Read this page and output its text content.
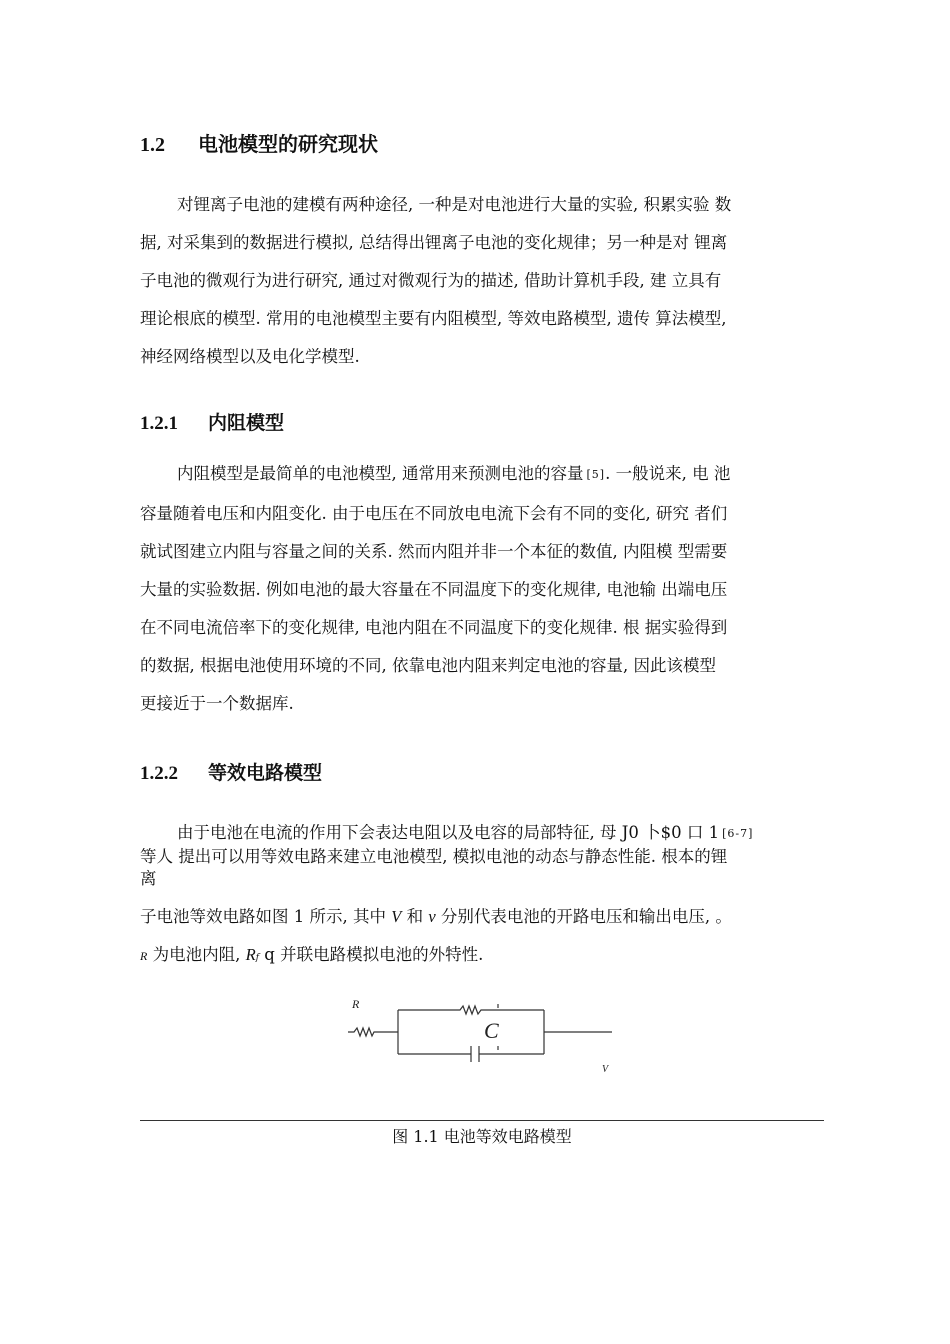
1.2 电池模型的研究现状
对锂离子电池的建模有两种途径, 一种是对电池进行大量的实验, 积累实验 数
据, 对采集到的数据进行模拟, 总结得出锂离子电池的变化规律；另一种是对 锂离
子电池的微观行为进行研究, 通过对微观行为的描述, 借助计算机手段, 建 立具有
理论根底的模型. 常用的电池模型主要有内阻模型, 等效电路模型, 遗传 算法模型,
神经网络模型以及电化学模型.
1.2.1 内阻模型
内阻模型是最简单的电池模型, 通常用来预测电池的容量 [5]. 一般说来, 电 池
容量随着电压和内阻变化. 由于电压在不同放电电流下会有不同的变化, 研究 者们
就试图建立内阻与容量之间的关系. 然而内阻并非一个本征的数值, 内阻模 型需要
大量的实验数据. 例如电池的最大容量在不同温度下的变化规律, 电池输 出端电压
在不同电流倍率下的变化规律, 电池内阻在不同温度下的变化规律. 根 据实验得到
的数据, 根据电池使用环境的不同, 依靠电池内阻来判定电池的容量, 因此该模型
更接近于一个数据库.
1.2.2 等效电路模型
由于电池在电流的作用下会表达电阻以及电容的局部特征, 母 J0 卜$0 口 1 [6-7]
等人 提出可以用等效电路来建立电池模型, 模拟电池的动态与静态性能. 根本的锂
离
子电池等效电路如图 1 所示, 其中 V 和 v 分别代表电池的开路电压和输出电压, 。
R 为电池内阻, Rf q 并联电路模拟电池的外特性.
R
C
V
图 1.1 电池等效电路模型
